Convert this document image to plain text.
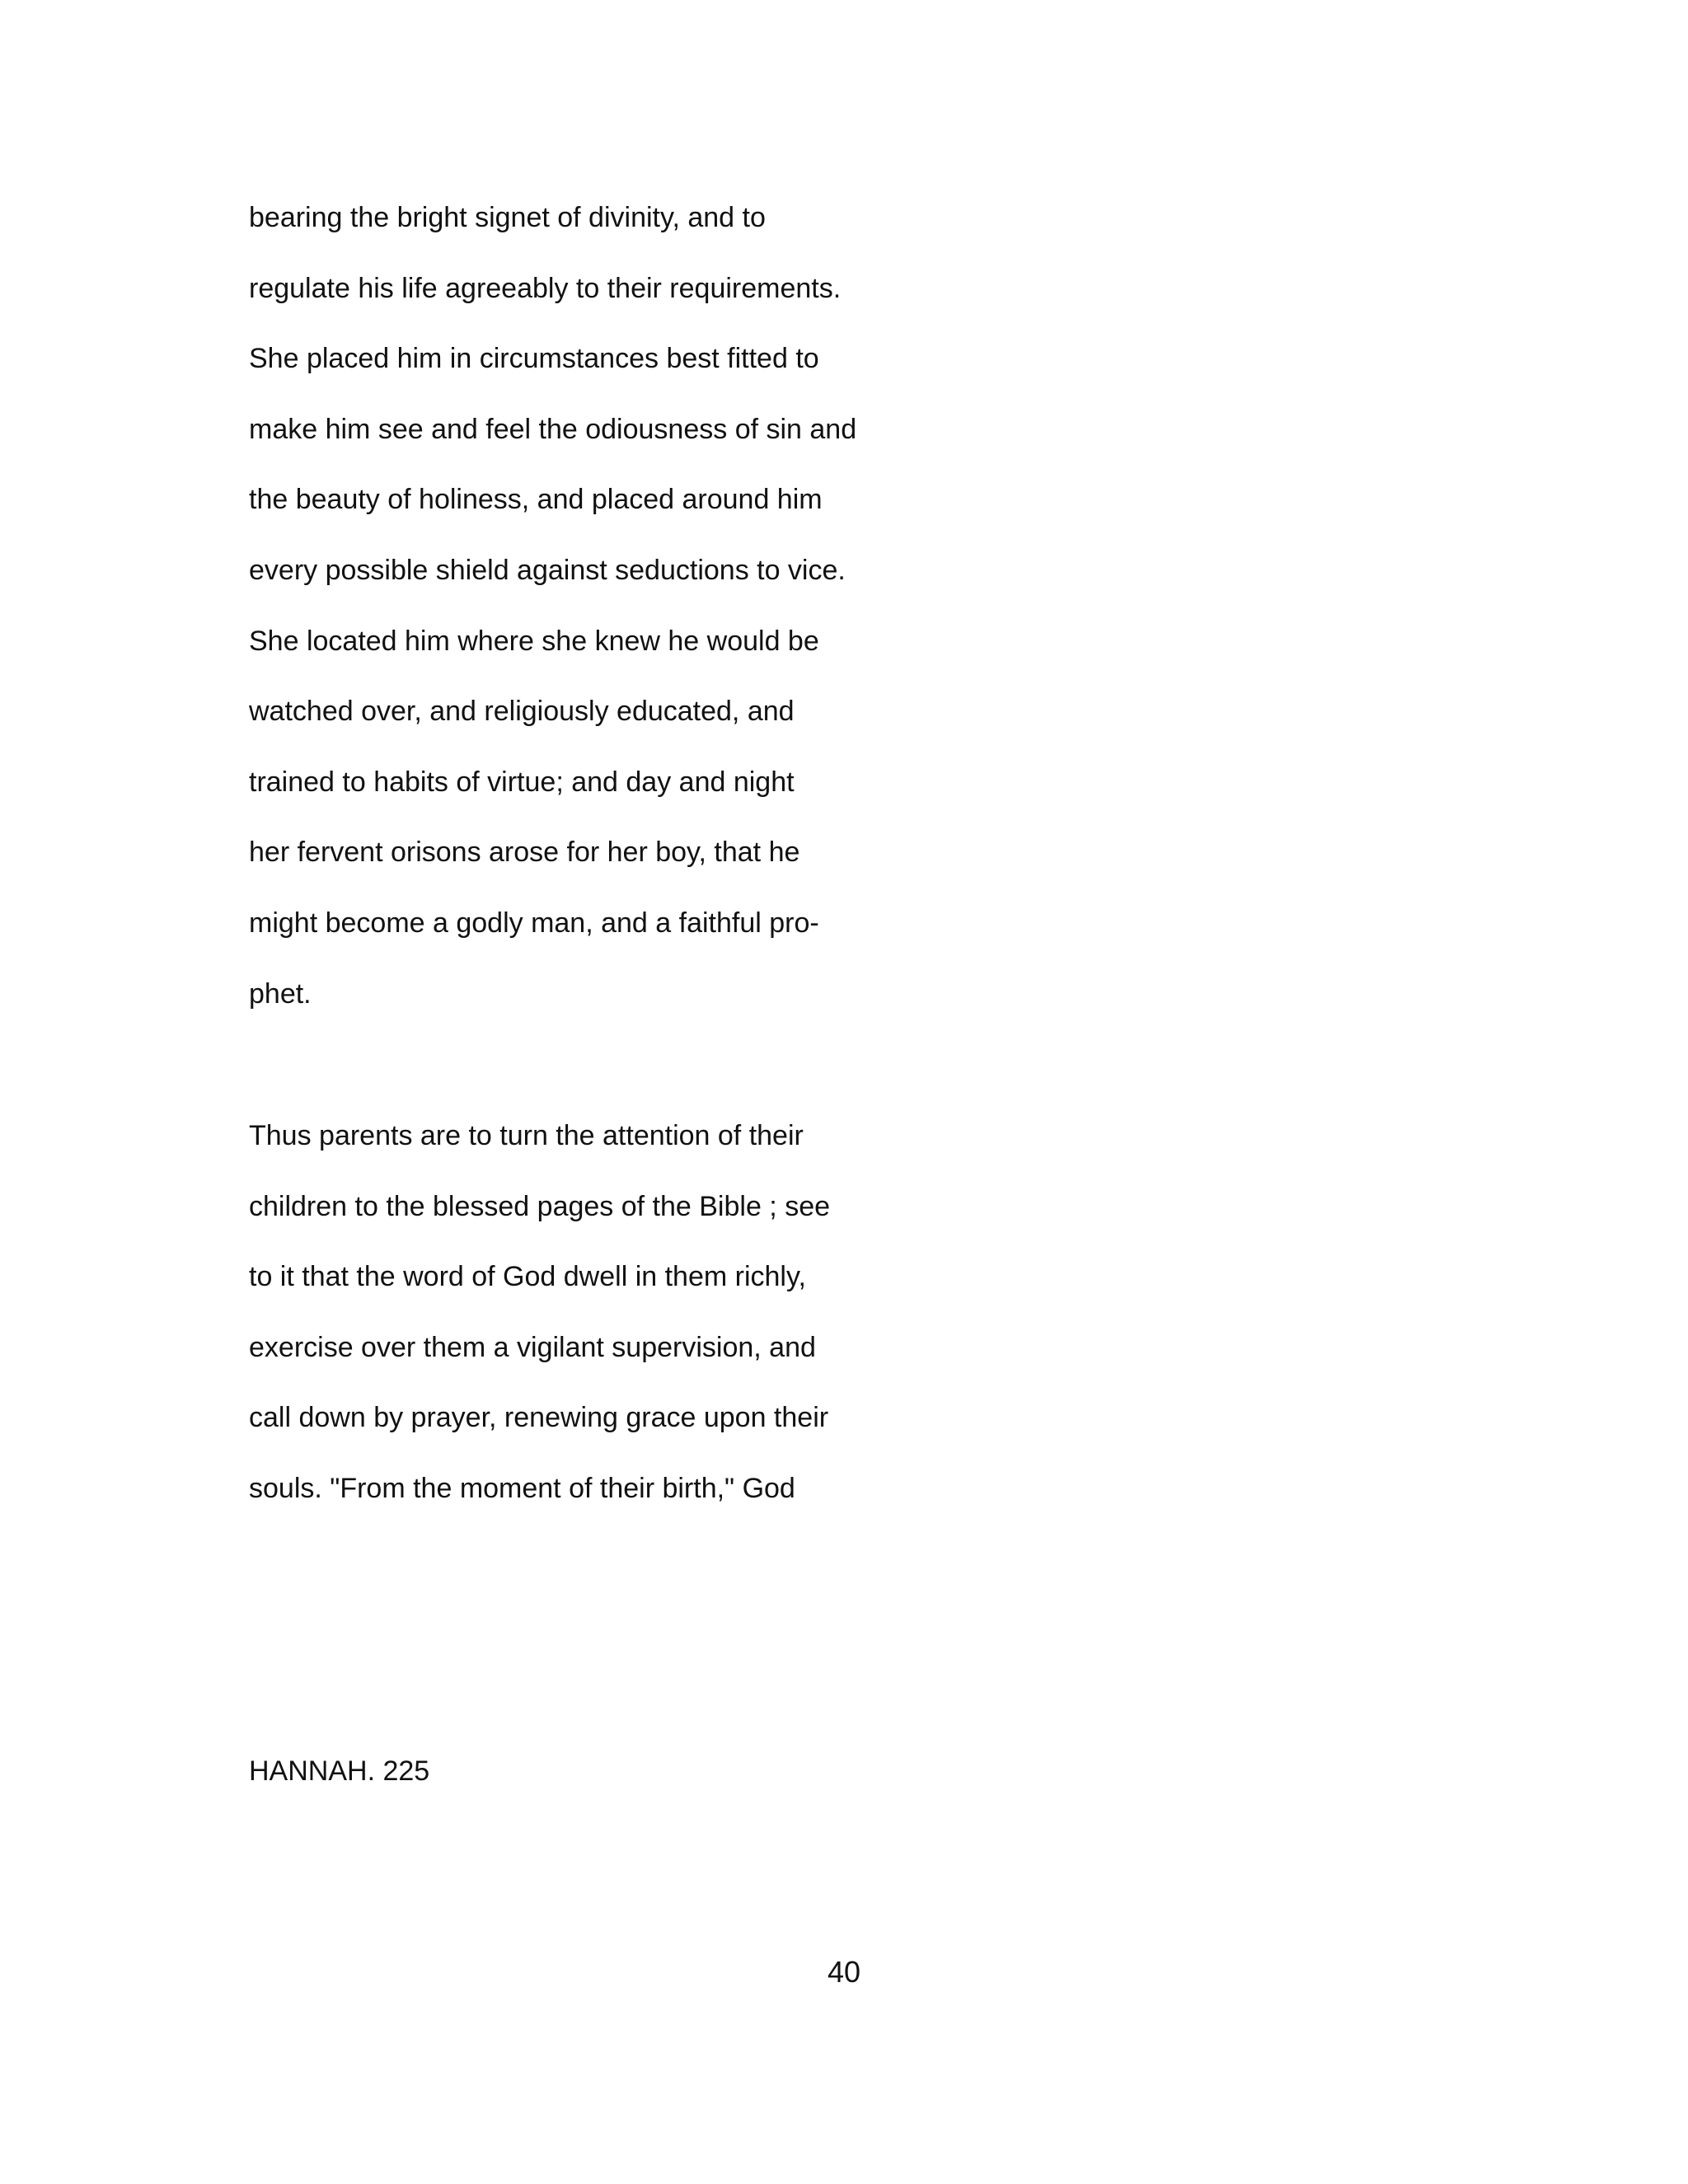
bearing the bright signet of divinity, and to
regulate his life agreeably to their requirements.
She placed him in circumstances best fitted to
make him see and feel the odiousness of sin and
the beauty of holiness, and placed around him
every possible shield against seductions to vice.
She located him where she knew he would be
watched over, and religiously educated, and
trained to habits of virtue; and day and night
her fervent orisons arose for her boy, that he
might become a godly man, and a faithful pro-
phet.
Thus parents are to turn the attention of their
children to the blessed pages of the Bible ; see
to it that the word of God dwell in them richly,
exercise over them a vigilant supervision, and
call down by prayer, renewing grace upon their
souls. "From the moment of their birth," God
HANNAH. 225
40
